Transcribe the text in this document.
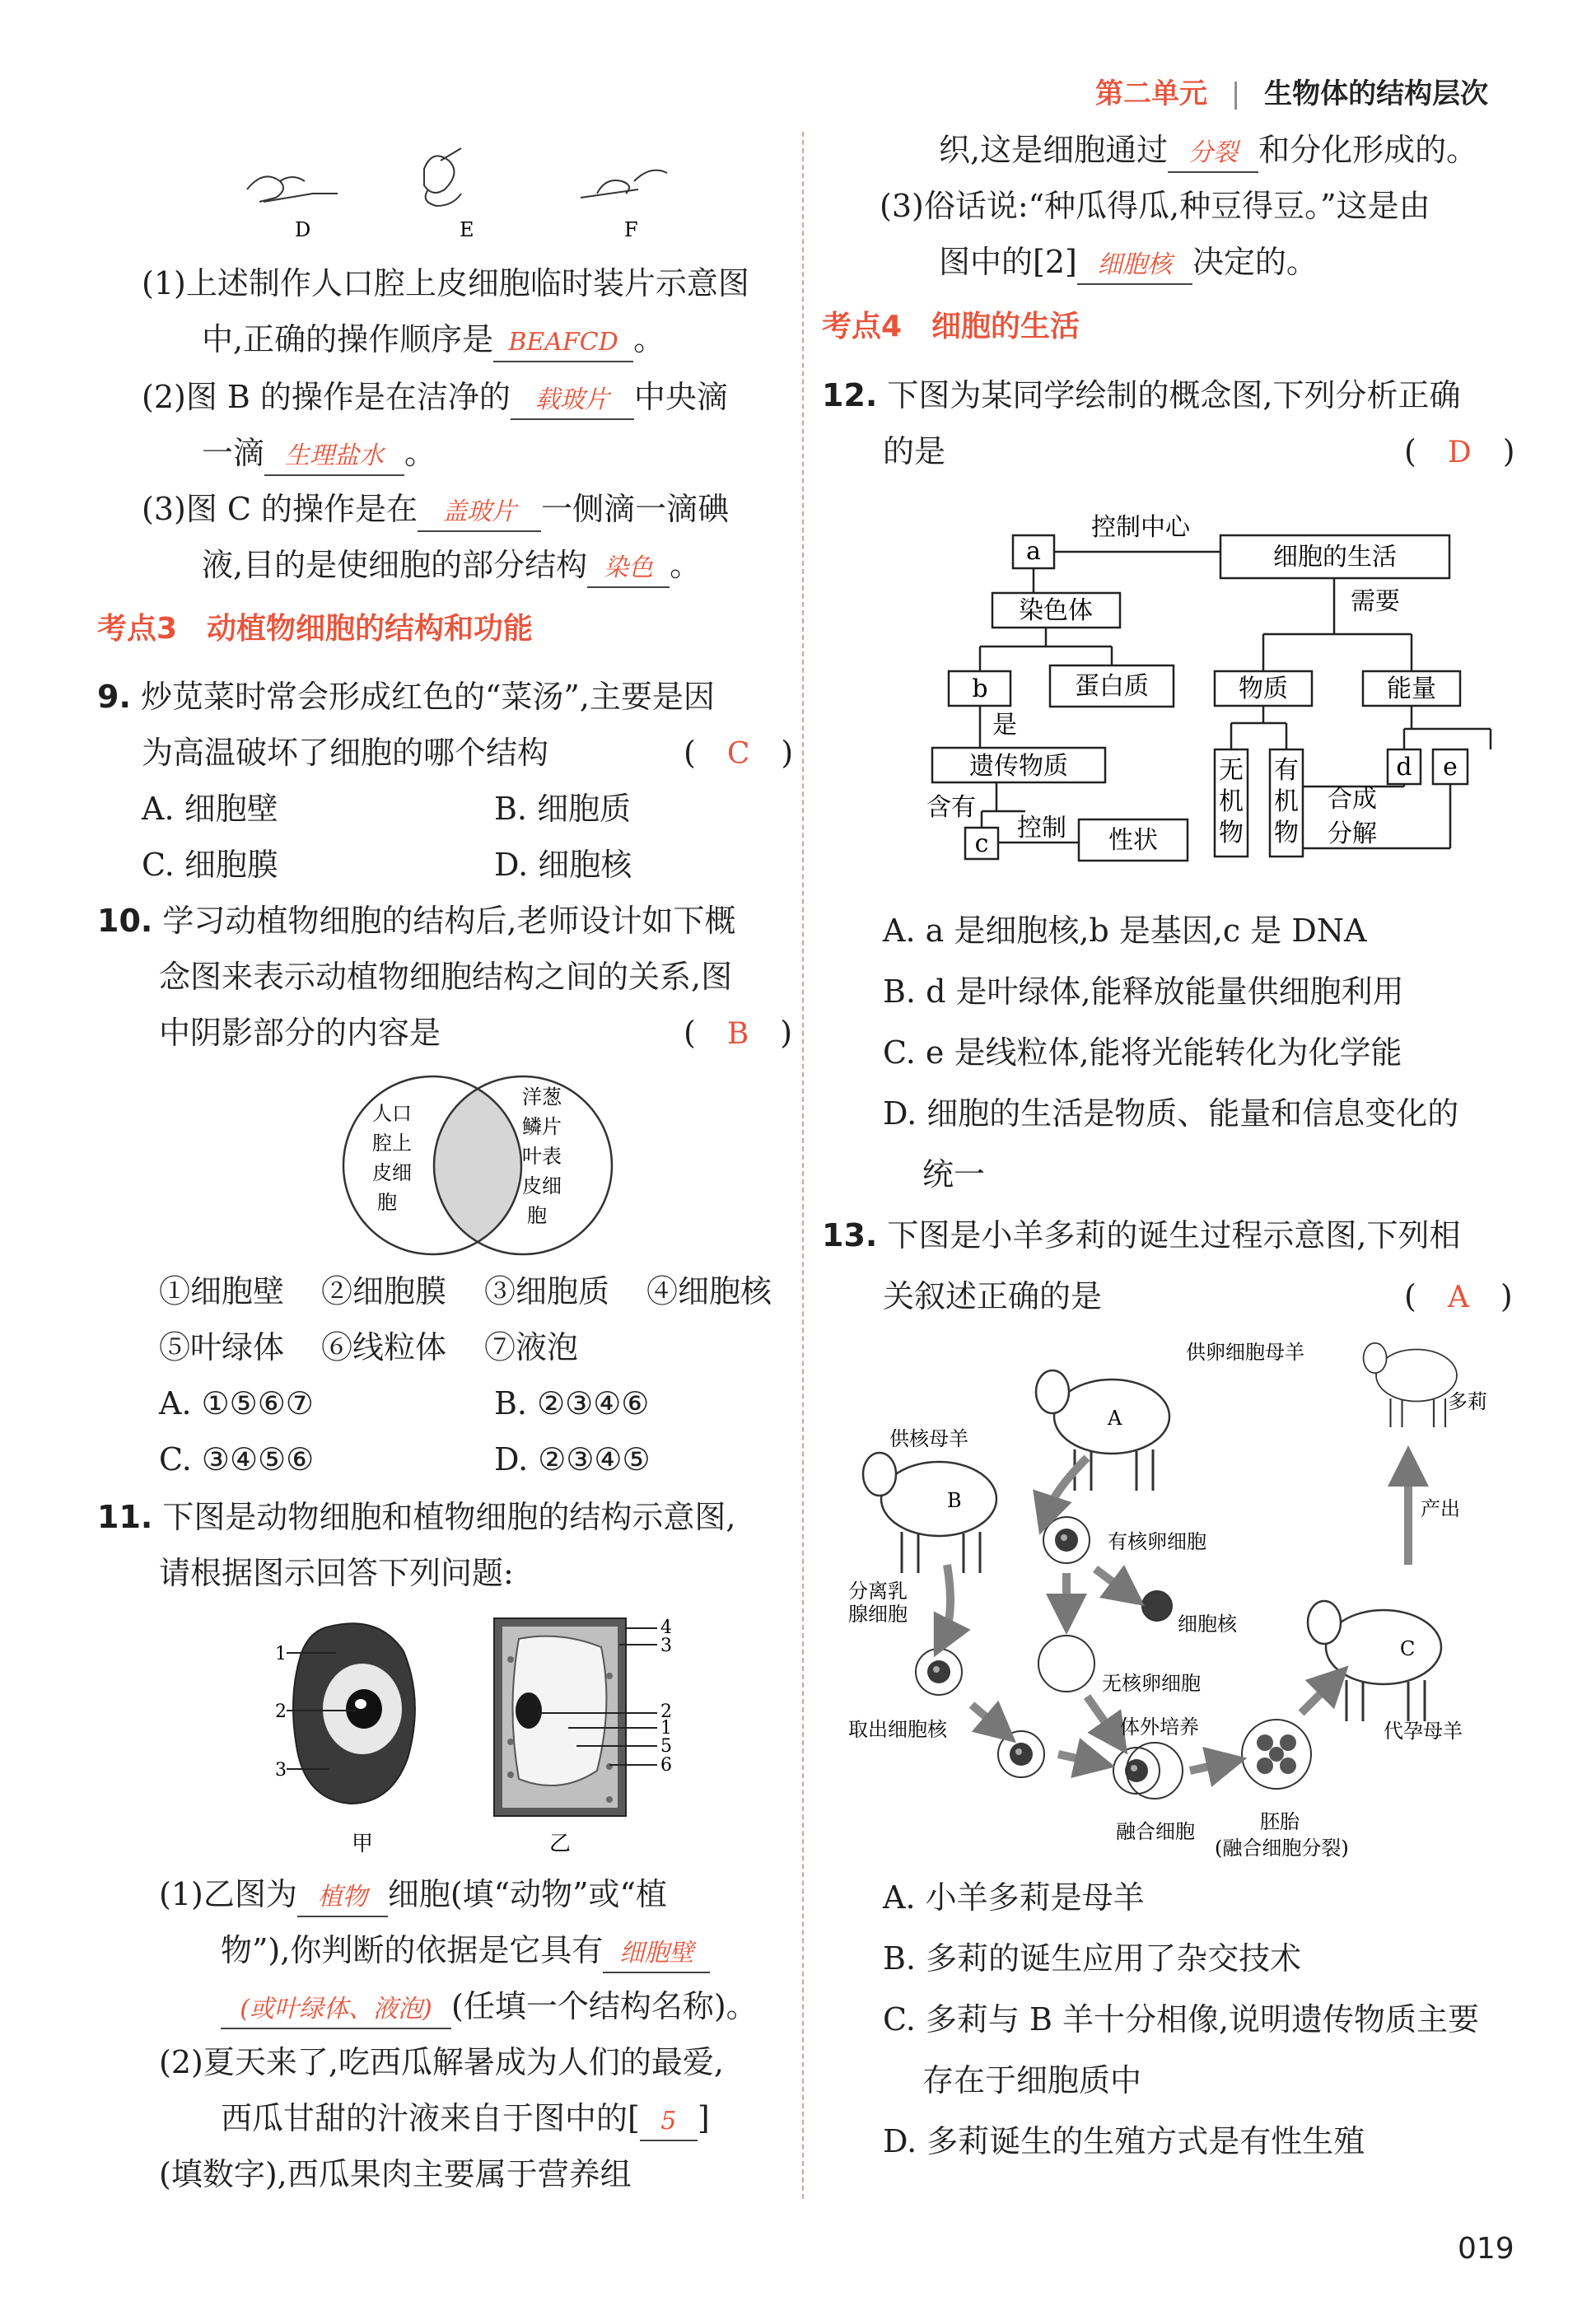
第二单元 | 生物体的结构层次
D	E	F
(1)上述制作人口腔上皮细胞临时装片示意图
中,正确的操作顺序是 BEAFCD 。
(2)图 B 的操作是在洁净的 载玻片 中央滴
一滴 生理盐水 。
(3)图 C 的操作是在 盖玻片 一侧滴一滴碘
液,目的是使细胞的部分结构 染色 。
考点3　动植物细胞的结构和功能
9. 炒苋菜时常会形成红色的“菜汤”,主要是因
为高温破坏了细胞的哪个结构	(　C　)
A. 细胞壁	B. 细胞质
C. 细胞膜	D. 细胞核
10. 学习动植物细胞的结构后,老师设计如下概
念图来表示动植物细胞结构之间的关系,图
中阴影部分的内容是	(　B　)
人口
腔上
皮细
胞
洋葱
鳞片
叶表
皮细
胞
①细胞壁 ②细胞膜 ③细胞质 ④细胞核
⑤叶绿体 ⑥线粒体 ⑦液泡
A. ①⑤⑥⑦	B. ②③④⑥
C. ③④⑤⑥	D. ②③④⑤
11. 下图是动物细胞和植物细胞的结构示意图,
请根据图示回答下列问题:
1
2
3
甲
4
3
2
1
5
6
乙
(1)乙图为 植物 细胞(填“动物”或“植
物”),你判断的依据是它具有 细胞壁
(或叶绿体、液泡) (任填一个结构名称)。
(2)夏天来了,吃西瓜解暑成为人们的最爱,
西瓜甘甜的汁液来自于图中的[ 5 ]
(填数字),西瓜果肉主要属于营养组
织,这是细胞通过 分裂 和分化形成的。
(3)俗话说:“种瓜得瓜,种豆得豆。”这是由
图中的[2] 细胞核 决定的。
考点4　细胞的生活
12. 下图为某同学绘制的概念图,下列分析正确
的是	(　D　)
a
控制中心
细胞的生活
需要
染色体
b	蛋白质
是
物质	能量
遗传物质
含有
c
控制 性状
无
机
物
有
机
物
合成
分解
d e
A. a 是细胞核,b 是基因,c 是 DNA
B. d 是叶绿体,能释放能量供细胞利用
C. e 是线粒体,能将光能转化为化学能
D. 细胞的生活是物质、能量和信息变化的
统一
13. 下图是小羊多莉的诞生过程示意图,下列相
关叙述正确的是	(　A　)
供卵细胞母羊
多莉
供核母羊
A
B
C
有核卵细胞
分离乳
腺细胞	细胞核
产出
无核卵细胞
取出细胞核	体外培养	代孕母羊
融合细胞	胚胎
(融合细胞分裂)
A. 小羊多莉是母羊
B. 多莉的诞生应用了杂交技术
C. 多莉与 B 羊十分相像,说明遗传物质主要
存在于细胞质中
D. 多莉诞生的生殖方式是有性生殖
019
